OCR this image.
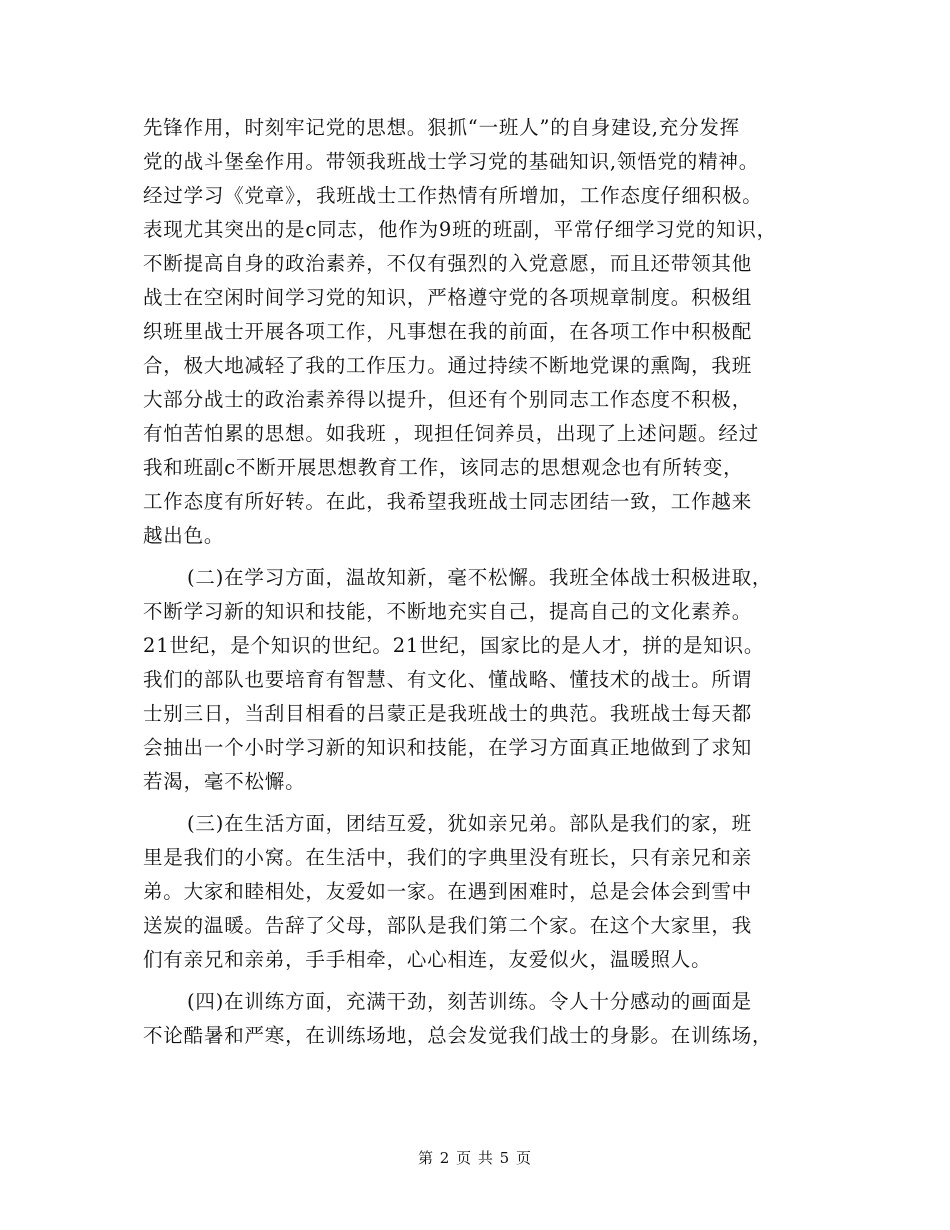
先锋作用，时刻牢记党的思想。狠抓“一班人”的自身建设,充分发挥
党的战斗堡垒作用。带领我班战士学习党的基础知识,领悟党的精神。
经过学习《党章》，我班战士工作热情有所增加，工作态度仔细积极。
表现尤其突出的是c同志，他作为9班的班副，平常仔细学习党的知识，
不断提高自身的政治素养，不仅有强烈的入党意愿，而且还带领其他
战士在空闲时间学习党的知识，严格遵守党的各项规章制度。积极组
织班里战士开展各项工作，凡事想在我的前面，在各项工作中积极配
合，极大地减轻了我的工作压力。通过持续不断地党课的熏陶，我班
大部分战士的政治素养得以提升，但还有个别同志工作态度不积极，
有怕苦怕累的思想。如我班 ，现担任饲养员，出现了上述问题。经过
我和班副c不断开展思想教育工作，该同志的思想观念也有所转变，
工作态度有所好转。在此，我希望我班战士同志团结一致，工作越来
越出色。
(二)在学习方面，温故知新，毫不松懈。我班全体战士积极进取，
不断学习新的知识和技能，不断地充实自己，提高自己的文化素养。
21世纪，是个知识的世纪。21世纪，国家比的是人才，拼的是知识。
我们的部队也要培育有智慧、有文化、懂战略、懂技术的战士。所谓
士别三日，当刮目相看的吕蒙正是我班战士的典范。我班战士每天都
会抽出一个小时学习新的知识和技能，在学习方面真正地做到了求知
若渴，毫不松懈。
(三)在生活方面，团结互爱，犹如亲兄弟。部队是我们的家，班
里是我们的小窝。在生活中，我们的字典里没有班长，只有亲兄和亲
弟。大家和睦相处，友爱如一家。在遇到困难时，总是会体会到雪中
送炭的温暖。告辞了父母，部队是我们第二个家。在这个大家里，我
们有亲兄和亲弟，手手相牵，心心相连，友爱似火，温暖照人。
(四)在训练方面，充满干劲，刻苦训练。令人十分感动的画面是
不论酷暑和严寒，在训练场地，总会发觉我们战士的身影。在训练场，
第 2 页 共 5 页
